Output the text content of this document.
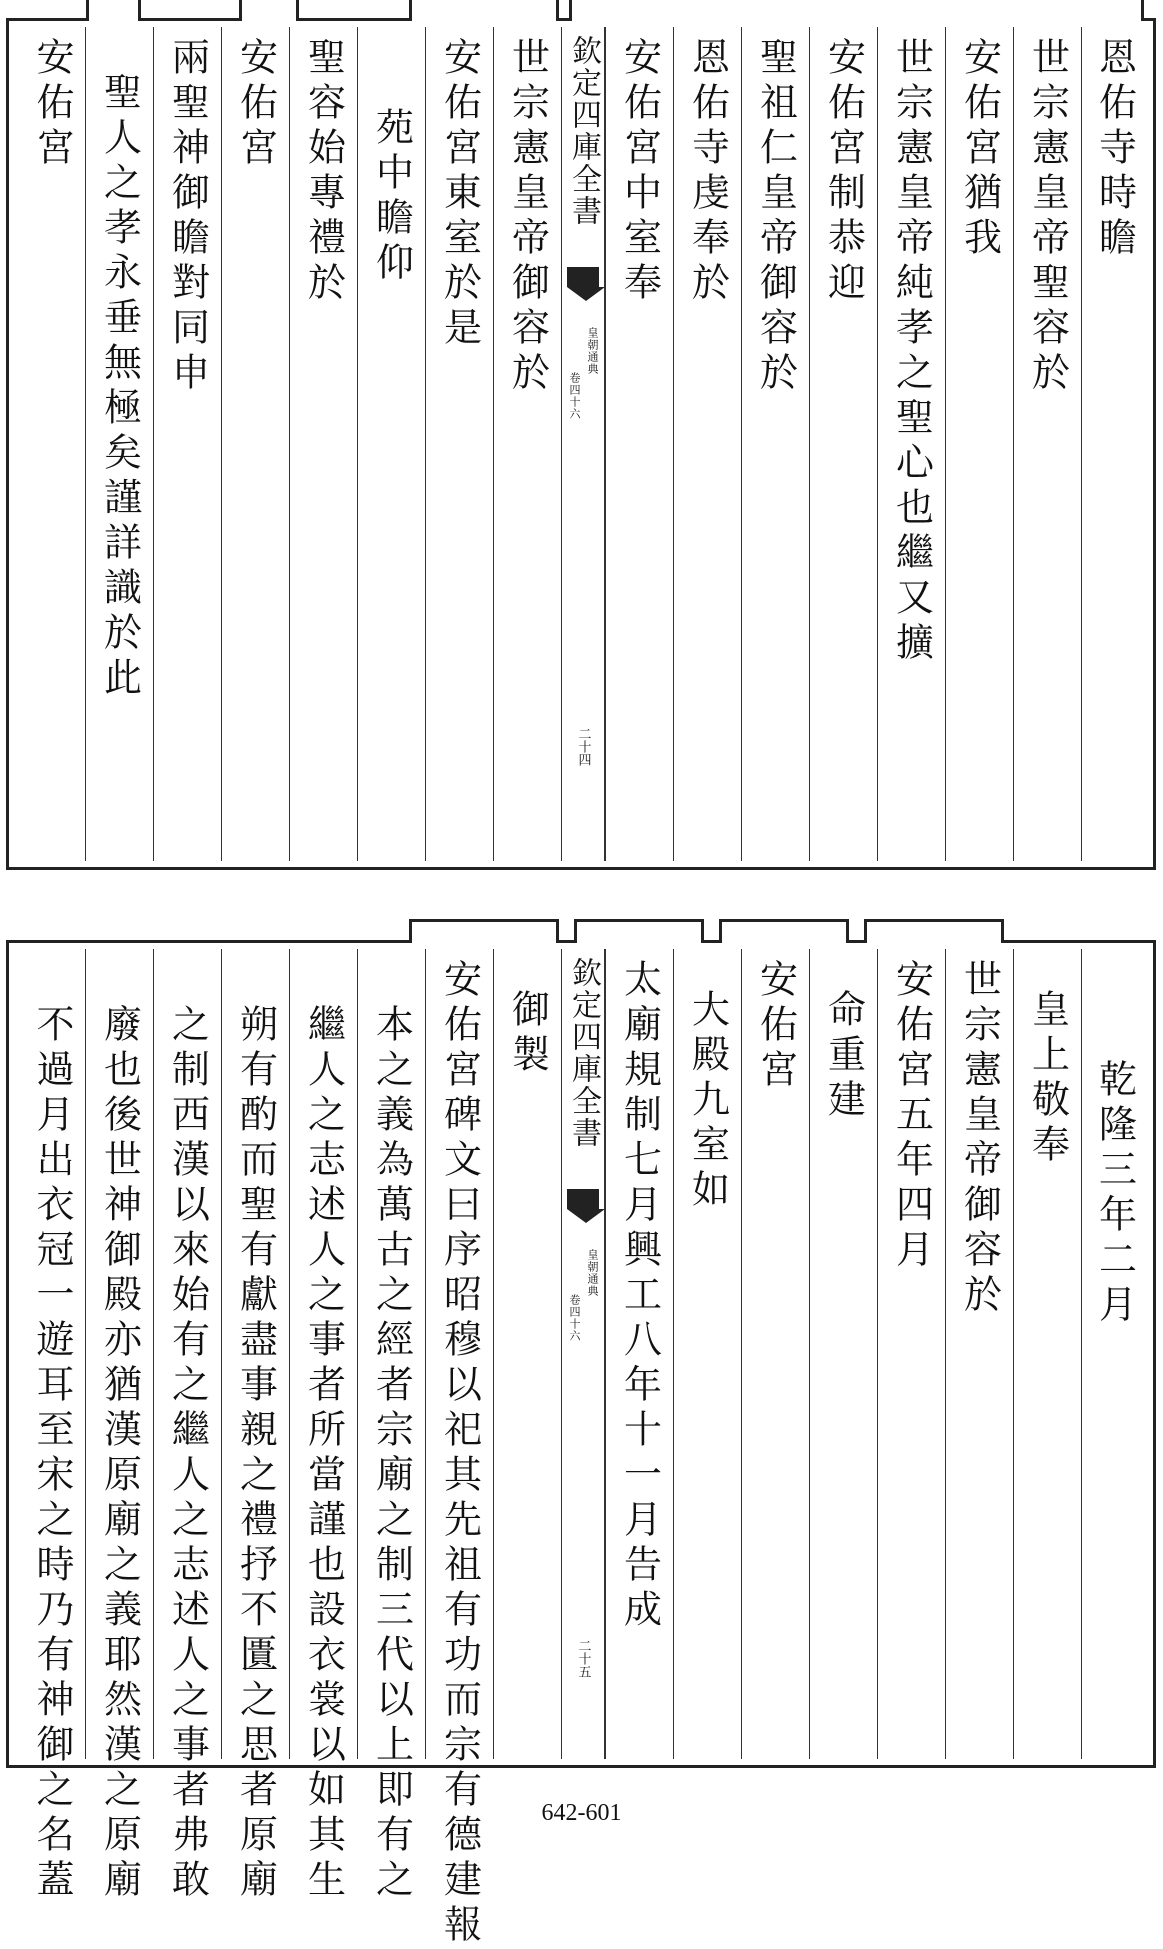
恩佑寺時瞻
世宗憲皇帝聖容於
安佑宮猶我
世宗憲皇帝純孝之聖心也繼又擴
安佑宮制恭迎
聖祖仁皇帝御容於
恩佑寺虔奉於
安佑宮中室奉
欽定四庫全書
皇朝通典
卷四十六
二十四
世宗憲皇帝御容於
安佑宮東室於是
苑中瞻仰
聖容始專禮於
安佑宮
兩聖神御瞻對同申
聖人之孝永垂無極矣謹詳識於此
安佑宮
乾隆三年二月
皇上敬奉
世宗憲皇帝御容於
安佑宮五年四月
命重建
安佑宮
大殿九室如
太廟規制七月興工八年十一月告成
欽定四庫全書
皇朝通典
卷四十六
二十五
御製
安佑宮碑文曰序昭穆以祀其先祖有功而宗有德建報
本之義為萬古之經者宗廟之制三代以上即有之
繼人之志述人之事者所當謹也設衣裳以如其生
朔有酌而聖有獻盡事親之禮抒不匱之思者原廟
之制西漢以來始有之繼人之志述人之事者弗敢
廢也後世神御殿亦猶漢原廟之義耶然漢之原廟
不過月出衣冠一遊耳至宋之時乃有神御之名蓋	642-601
